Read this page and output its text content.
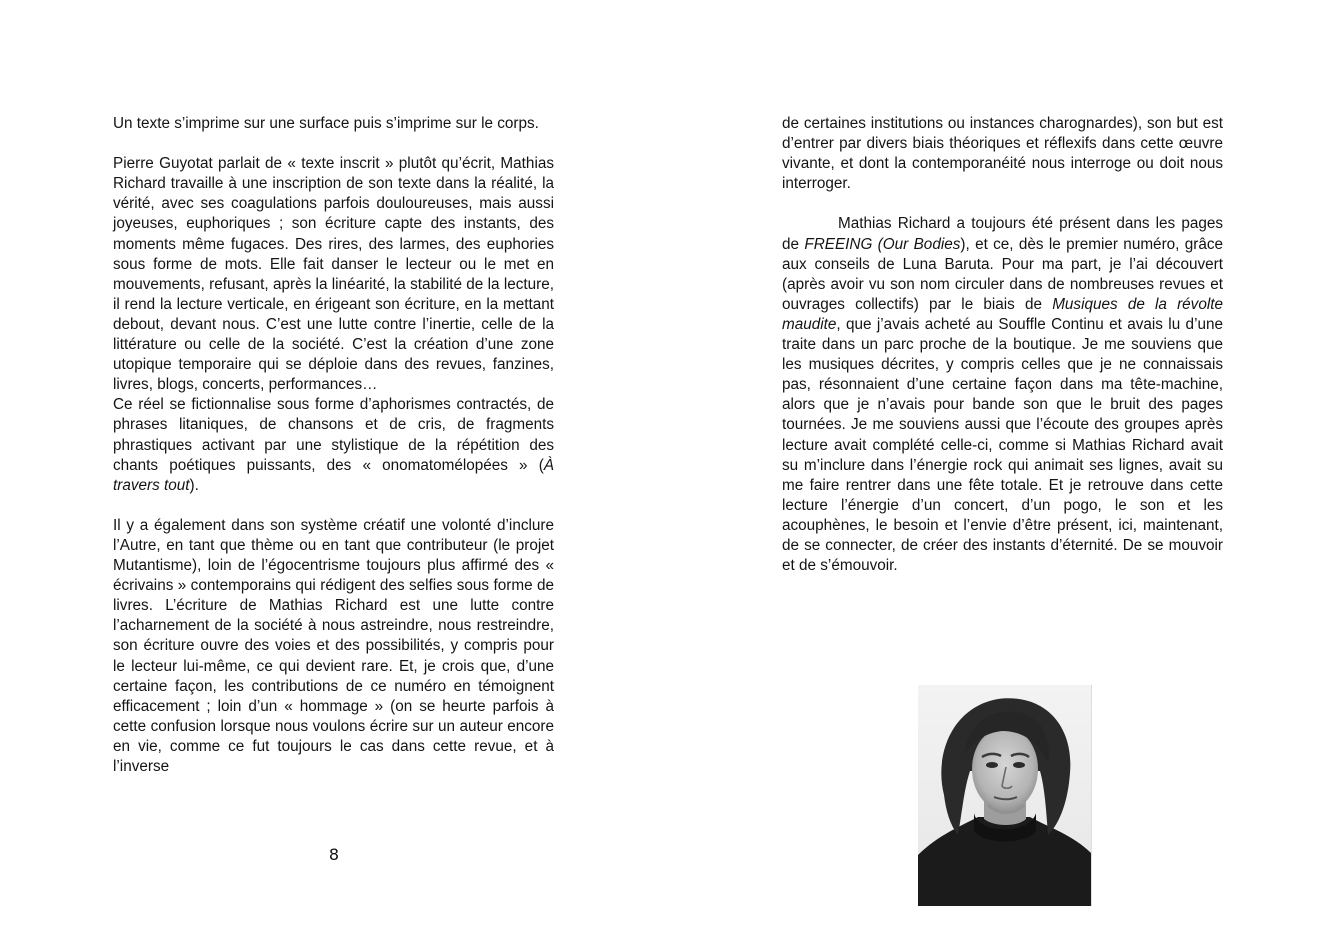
Un texte s’imprime sur une surface puis s’imprime sur le corps.

Pierre Guyotat parlait de « texte inscrit » plutôt qu’écrit, Mathias Richard travaille à une inscription de son texte dans la réalité, la vérité, avec ses coagulations parfois douloureuses, mais aussi joyeuses, euphoriques ; son écriture capte des instants, des moments même fugaces. Des rires, des larmes, des euphories sous forme de mots. Elle fait danser le lecteur ou le met en mouvements, refusant, après la linéarité, la stabilité de la lecture, il rend la lecture verticale, en érigeant son écriture, en la mettant debout, devant nous. C’est une lutte contre l’inertie, celle de la littérature ou celle de la société. C’est la création d’une zone utopique temporaire qui se déploie dans des revues, fanzines, livres, blogs, concerts, performances…

Ce réel se fictionnalise sous forme d’aphorismes contractés, de phrases litaniques, de chansons et de cris, de fragments phrastiques activant par une stylistique de la répétition des chants poétiques puissants, des « onomatomélopées » (À travers tout).

Il y a également dans son système créatif une volonté d’inclure l’Autre, en tant que thème ou en tant que contributeur (le projet Mutantisme), loin de l’égocentrisme toujours plus affirmé des « écrivains » contemporains qui rédigent des selfies sous forme de livres. L’écriture de Mathias Richard est une lutte contre l’acharnement de la société à nous astreindre, nous restreindre, son écriture ouvre des voies et des possibilités, y compris pour le lecteur lui-même, ce qui devient rare. Et, je crois que, d’une certaine façon, les contributions de ce numéro en témoignent efficacement ; loin d’un « hommage » (on se heurte parfois à cette confusion lorsque nous voulons écrire sur un auteur encore en vie, comme ce fut toujours le cas dans cette revue, et à l’inverse

8

de certaines institutions ou instances charognardes), son but est d’entrer par divers biais théoriques et réflexifs dans cette œuvre vivante, et dont la contemporanéité nous interroge ou doit nous interroger.

Mathias Richard a toujours été présent dans les pages de FREEING (Our Bodies), et ce, dès le premier numéro, grâce aux conseils de Luna Baruta. Pour ma part, je l’ai découvert (après avoir vu son nom circuler dans de nombreuses revues et ouvrages collectifs) par le biais de Musiques de la révolte maudite, que j’avais acheté au Souffle Continu et avais lu d’une traite dans un parc proche de la boutique. Je me souviens que les musiques décrites, y compris celles que je ne connaissais pas, résonnaient d’une certaine façon dans ma tête-machine, alors que je n’avais pour bande son que le bruit des pages tournées. Je me souviens aussi que l’écoute des groupes après lecture avait complété celle-ci, comme si Mathias Richard avait su m’inclure dans l’énergie rock qui animait ses lignes, avait su me faire rentrer dans une fête totale. Et je retrouve dans cette lecture l’énergie d’un concert, d’un pogo, le son et les acouphènes, le besoin et l’envie d’être présent, ici, maintenant, de se connecter, de créer des instants d’éternité. De se mouvoir et de s’émouvoir.
